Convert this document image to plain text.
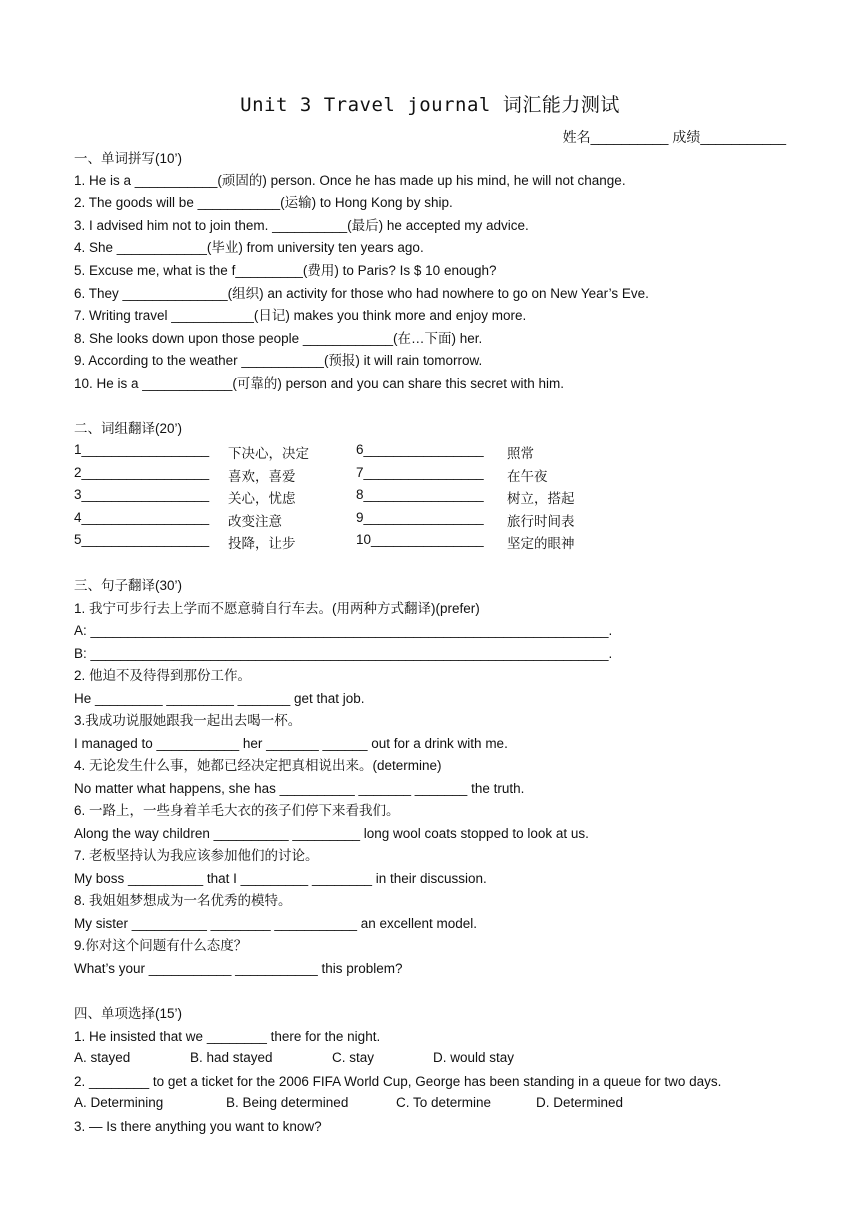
Unit 3 Travel journal 词汇能力测试
姓名__________ 成绩___________
一、单词拼写(10’)
1. He is a ___________(顽固的) person. Once he has made up his mind, he will not change.
2. The goods will be ___________(运输) to Hong Kong by ship.
3. I advised him not to join them. __________(最后) he accepted my advice.
4. She ____________(毕业) from university ten years ago.
5. Excuse me, what is the f_________(费用) to Paris? Is $ 10 enough?
6. They ______________(组织) an activity for those who had nowhere to go on New Year’s Eve.
7. Writing travel ___________(日记) makes you think more and enjoy more.
8. She looks down upon those people ____________(在…下面) her.
9. According to the weather ___________(预报) it will rain tomorrow.
10. He is a ____________(可靠的) person and you can share this secret with him.
二、词组翻译(20’)
1_________________ 下决心，决定	6________________ 照常
2_________________ 喜欢，喜爱	7________________ 在午夜
3_________________ 关心，忧虑	8________________ 树立，搭起
4_________________ 改变注意	9________________ 旅行时间表
5_________________ 投降，让步	10_______________ 坚定的眼神
三、句子翻译(30’)
1. 我宁可步行去上学而不愿意骑自行车去。(用两种方式翻译)(prefer)
A: _____________________________________________________________________.
B: _____________________________________________________________________.
2. 他迫不及待得到那份工作。
He _________ _________ _______ get that job.
3.我成功说服她跟我一起出去喝一杯。
I managed to ___________ her _______ ______ out for a drink with me.
4. 无论发生什么事，她都已经决定把真相说出来。(determine)
No matter what happens, she has __________ _______ _______ the truth.
6. 一路上，一些身着羊毛大衣的孩子们停下来看我们。
Along the way children __________ _________ long wool coats stopped to look at us.
7. 老板坚持认为我应该参加他们的讨论。
My boss __________ that I _________ ________ in their discussion.
8. 我姐姐梦想成为一名优秀的模特。
My sister __________ ________ ___________ an excellent model.
9.你对这个问题有什么态度？
What’s your ___________ ___________ this problem?
四、单项选择(15’)
1. He insisted that we ________ there for the night.
A. stayed	B. had stayed	C. stay	D. would stay
2. ________ to get a ticket for the 2006 FIFA World Cup, George has been standing in a queue for two days.
A. Determining	B. Being determined	C. To determine	D. Determined
3. — Is there anything you want to know?
